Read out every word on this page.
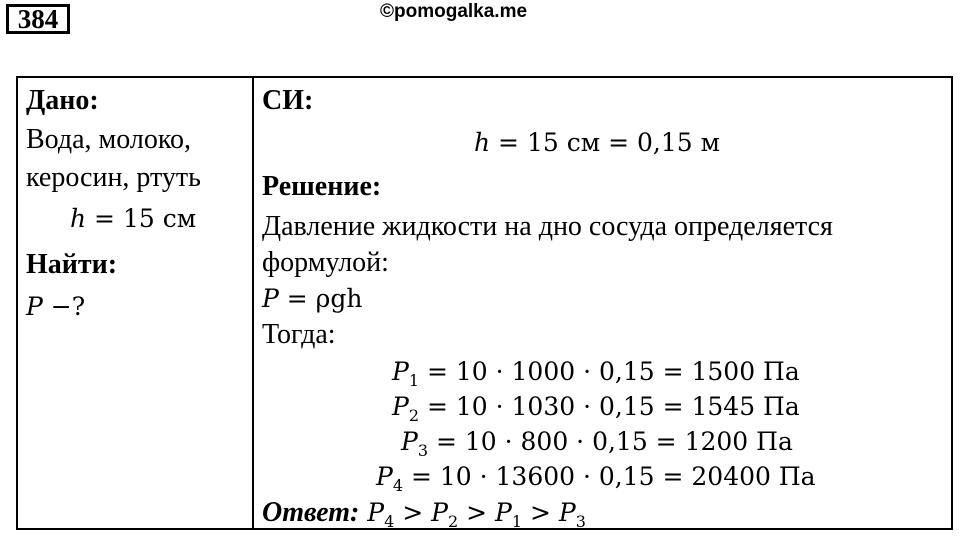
384	©pomogalka.me
Дано:
Вода, молоко,
керосин, ртуть
h = 15 см
Найти:
P −?
СИ:
h = 15 см = 0,15 м
Решение:
Давление жидкости на дно сосуда определяется
формулой:
P = ρgh
Тогда:
$P_1 = 10 \cdot 1000 \cdot 0,15 = 1500$ Па
$P_2 = 10 \cdot 1030 \cdot 0,15 = 1545$ Па
$P_3 = 10 \cdot 800 \cdot 0,15 = 1200$ Па
$P_4 = 10 \cdot 13600 \cdot 0,15 = 20400$ Па
Ответ: $P_4 > P_2 > P_1 > P_3$
